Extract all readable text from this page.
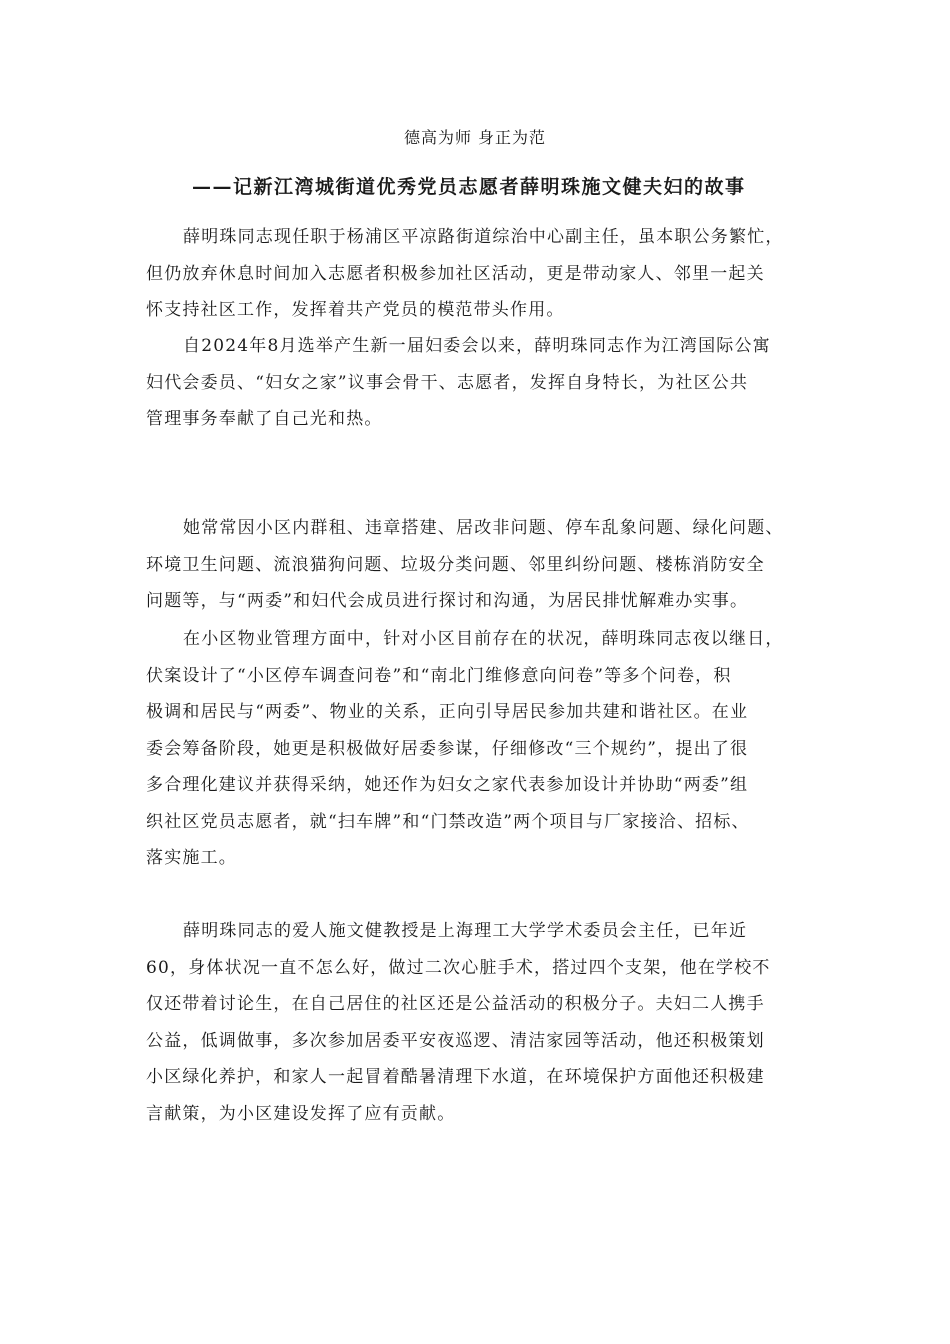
德高为师 身正为范
——记新江湾城街道优秀党员志愿者薛明珠施文健夫妇的故事

薛明珠同志现任职于杨浦区平凉路街道综治中心副主任，虽本职公务繁忙，
但仍放弃休息时间加入志愿者积极参加社区活动，更是带动家人、邻里一起关
怀支持社区工作，发挥着共产党员的模范带头作用。

自2024年8月选举产生新一届妇委会以来，薛明珠同志作为江湾国际公寓
妇代会委员、“妇女之家”议事会骨干、志愿者，发挥自身特长，为社区公共
管理事务奉献了自己光和热。

她常常因小区内群租、违章搭建、居改非问题、停车乱象问题、绿化问题、
环境卫生问题、流浪猫狗问题、垃圾分类问题、邻里纠纷问题、楼栋消防安全
问题等，与“两委”和妇代会成员进行探讨和沟通，为居民排忧解难办实事。

在小区物业管理方面中，针对小区目前存在的状况，薛明珠同志夜以继日，
伏案设计了“小区停车调查问卷”和“南北门维修意向问卷”等多个问卷，积
极调和居民与“两委”、物业的关系，正向引导居民参加共建和谐社区。在业
委会筹备阶段，她更是积极做好居委参谋，仔细修改“三个规约”，提出了很
多合理化建议并获得采纳，她还作为妇女之家代表参加设计并协助“两委”组
织社区党员志愿者，就“扫车牌”和“门禁改造”两个项目与厂家接洽、招标、
落实施工。

薛明珠同志的爱人施文健教授是上海理工大学学术委员会主任，已年近
60，身体状况一直不怎么好，做过二次心脏手术，搭过四个支架，他在学校不
仅还带着讨论生，在自己居住的社区还是公益活动的积极分子。夫妇二人携手
公益，低调做事，多次参加居委平安夜巡逻、清洁家园等活动，他还积极策划
小区绿化养护，和家人一起冒着酷暑清理下水道，在环境保护方面他还积极建
言献策，为小区建设发挥了应有贡献。
